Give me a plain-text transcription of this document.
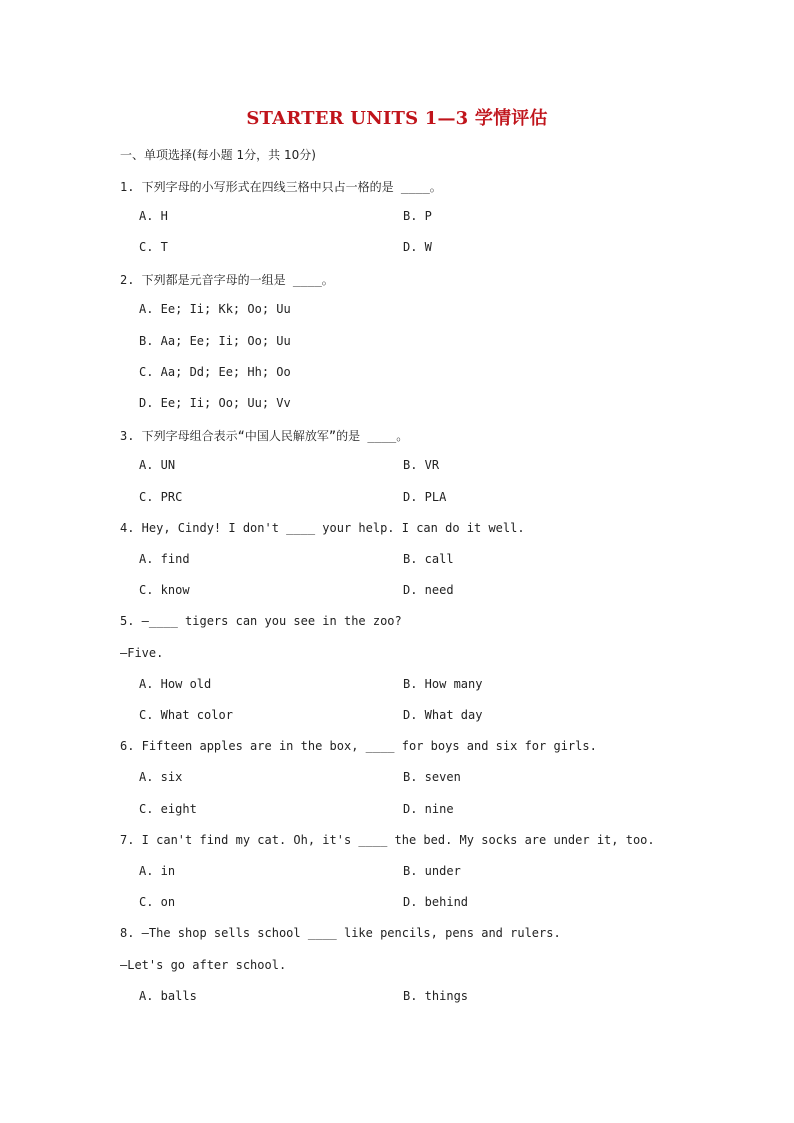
STARTER UNITS 1—3 学情评估
一、单项选择(每小题 1分，共 10分)
1. 下列字母的小写形式在四线三格中只占一格的是 ____。
A. H	B. P
C. T	D. W
2. 下列都是元音字母的一组是 ____。
A. Ee; Ii; Kk; Oo; Uu
B. Aa; Ee; Ii; Oo; Uu
C. Aa; Dd; Ee; Hh; Oo
D. Ee; Ii; Oo; Uu; Vv
3. 下列字母组合表示“中国人民解放军”的是 ____。
A. UN	B. VR
C. PRC	D. PLA
4. Hey, Cindy! I don't ____ your help. I can do it well.
A. find	B. call
C. know	D. need
5. —____ tigers can you see in the zoo?
—Five.
A. How old	B. How many
C. What color	D. What day
6. Fifteen apples are in the box, ____ for boys and six for girls.
A. six	B. seven
C. eight	D. nine
7. I can't find my cat. Oh, it's ____ the bed. My socks are under it, too.
A. in	B. under
C. on	D. behind
8. —The shop sells school ____ like pencils, pens and rulers.
—Let's go after school.
A. balls	B. things
